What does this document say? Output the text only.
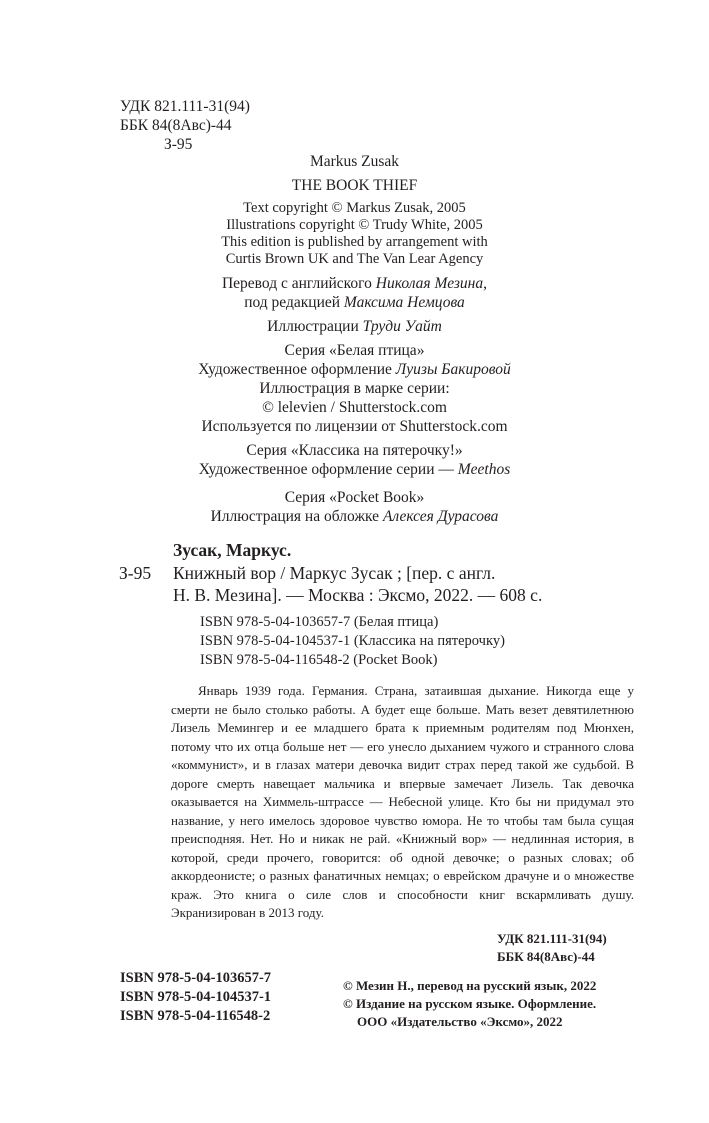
УДК 821.111-31(94)
ББК 84(8Авс)-44
З-95
Markus Zusak
THE BOOK THIEF
Text copyright © Markus Zusak, 2005
Illustrations copyright © Trudy White, 2005
This edition is published by arrangement with
Curtis Brown UK and The Van Lear Agency
Перевод с английского Николая Мезина,
под редакцией Максима Немцова
Иллюстрации Труди Уайт
Серия «Белая птица»
Художественное оформление Луизы Бакировой
Иллюстрация в марке серии:
© lelevien / Shutterstock.com
Используется по лицензии от Shutterstock.com
Серия «Классика на пятерочку!»
Художественное оформление серии — Meethos
Серия «Pocket Book»
Иллюстрация на обложке Алексея Дурасова
Зусак, Маркус.
З-95 Книжный вор / Маркус Зусак ; [пер. с англ.
Н. В. Мезина]. — Москва : Эксмо, 2022. — 608 с.
ISBN 978-5-04-103657-7 (Белая птица)
ISBN 978-5-04-104537-1 (Классика на пятерочку)
ISBN 978-5-04-116548-2 (Pocket Book)
Январь 1939 года. Германия. Страна, затаившая дыхание. Никогда еще у смерти не было столько работы. А будет еще больше. Мать везет девятилетнюю Лизель Мемингер и ее младшего брата к приемным родителям под Мюнхен, потому что их отца больше нет — его унесло дыханием чужого и странного слова «коммунист», и в глазах матери девочка видит страх перед такой же судьбой. В дороге смерть навещает мальчика и впервые замечает Лизель. Так девочка оказывается на Химмель-штрассе — Небесной улице. Кто бы ни придумал это название, у него имелось здоровое чувство юмора. Не то чтобы там была сущая преисподняя. Нет. Но и никак не рай. «Книжный вор» — недлинная история, в которой, среди прочего, говорится: об одной девочке; о разных словах; об аккордеонисте; о разных фанатичных немцах; о еврейском драчуне и о множестве краж. Это книга о силе слов и способности книг вскармливать душу. Экранизирован в 2013 году.
УДК 821.111-31(94)
ББК 84(8Авс)-44
ISBN 978-5-04-103657-7
ISBN 978-5-04-104537-1
ISBN 978-5-04-116548-2
© Мезин Н., перевод на русский язык, 2022
© Издание на русском языке. Оформление.
ООО «Издательство «Эксмо», 2022
